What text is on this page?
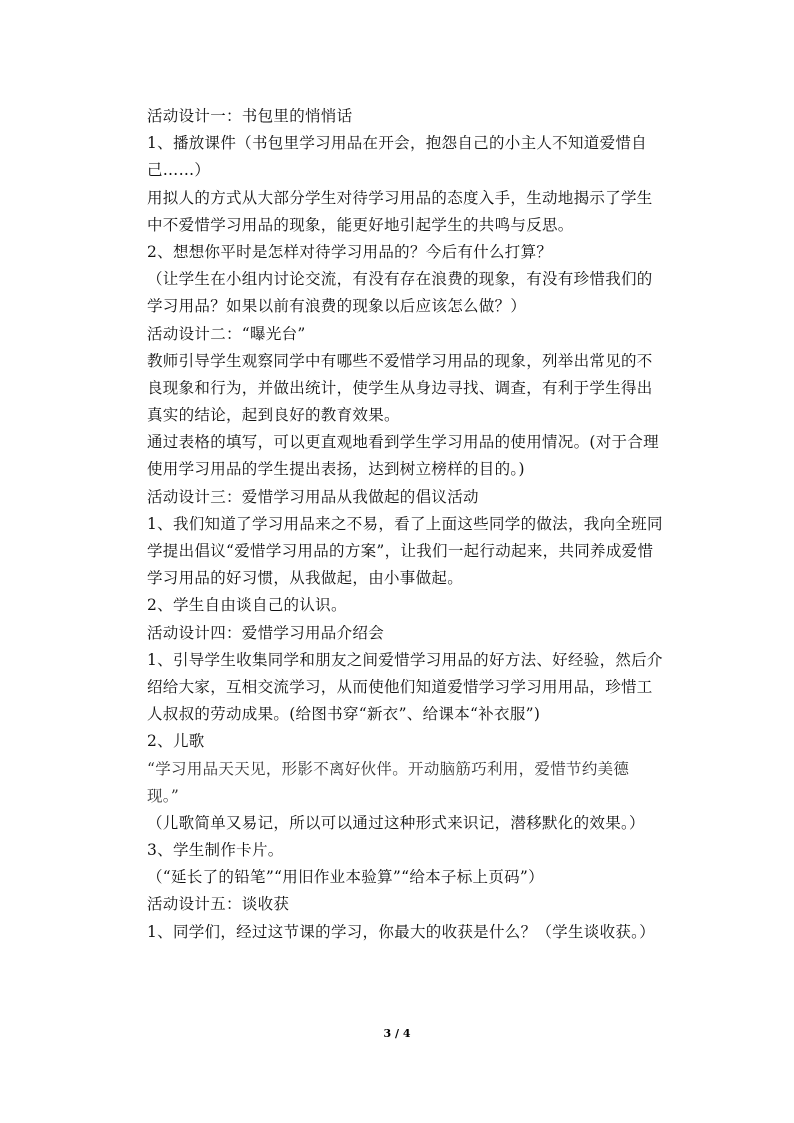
活动设计一：书包里的悄悄话
1、播放课件（书包里学习用品在开会，抱怨自己的小主人不知道爱惜自
己……）
用拟人的方式从大部分学生对待学习用品的态度入手，生动地揭示了学生
中不爱惜学习用品的现象，能更好地引起学生的共鸣与反思。
2、想想你平时是怎样对待学习用品的？今后有什么打算？
（让学生在小组内讨论交流，有没有存在浪费的现象，有没有珍惜我们的
学习用品？如果以前有浪费的现象以后应该怎么做？）
活动设计二：“曝光台”
教师引导学生观察同学中有哪些不爱惜学习用品的现象，列举出常见的不
良现象和行为，并做出统计，使学生从身边寻找、调查，有利于学生得出
真实的结论，起到良好的教育效果。
通过表格的填写，可以更直观地看到学生学习用品的使用情况。(对于合理
使用学习用品的学生提出表扬，达到树立榜样的目的。)
活动设计三：爱惜学习用品从我做起的倡议活动
1、我们知道了学习用品来之不易，看了上面这些同学的做法，我向全班同
学提出倡议“爱惜学习用品的方案”，让我们一起行动起来，共同养成爱惜
学习用品的好习惯，从我做起，由小事做起。
2、学生自由谈自己的认识。
活动设计四：爱惜学习用品介绍会
1、引导学生收集同学和朋友之间爱惜学习用品的好方法、好经验，然后介
绍给大家，互相交流学习，从而使他们知道爱惜学习学习用用品，珍惜工
人叔叔的劳动成果。(给图书穿“新衣”、给课本“补衣服”)
2、儿歌
“学习用品天天见，形影不离好伙伴。开动脑筋巧利用，爱惜节约美德
现。”
（儿歌简单又易记，所以可以通过这种形式来识记，潜移默化的效果。）
3、学生制作卡片。
（“延长了的铅笔”“用旧作业本验算”“给本子标上页码”）
活动设计五：谈收获
1、同学们，经过这节课的学习，你最大的收获是什么？（学生谈收获。）
3 / 4
